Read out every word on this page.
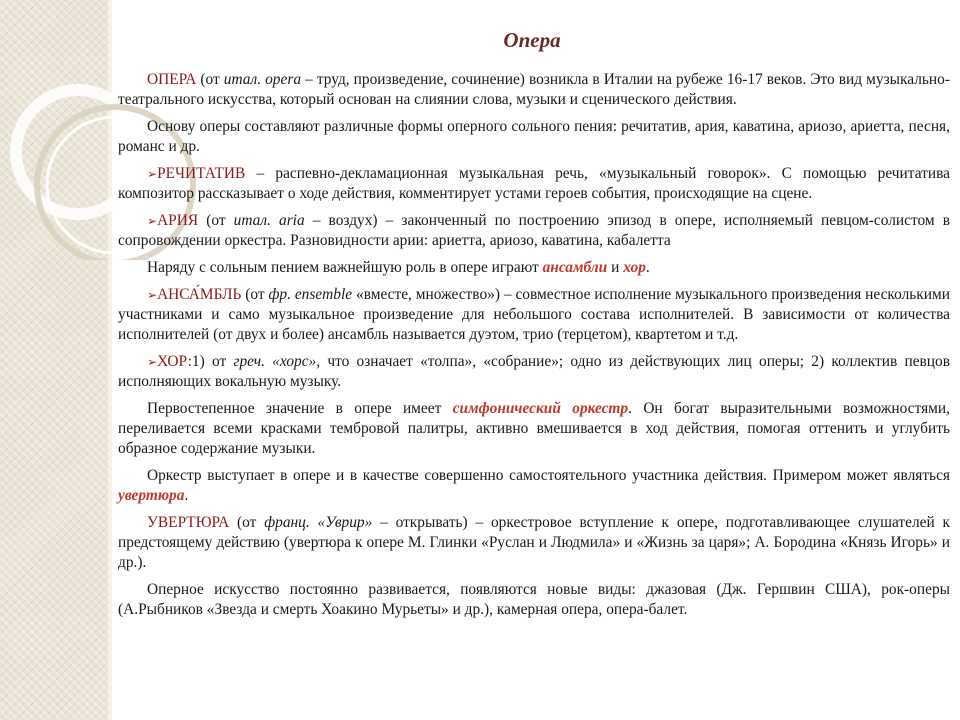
Опера

ОПЕРА (от итал. opera – труд, произведение, сочинение) возникла в Италии на рубеже 16-17 веков. Это вид музыкально-театрального искусства, который основан на слиянии слова, музыки и сценического действия.

Основу оперы составляют различные формы оперного сольного пения: речитатив, ария, каватина, ариозо, ариетта, песня, романс и др.

➢РЕЧИТАТИВ – распевно-декламационная музыкальная речь, «музыкальный говорок». С помощью речитатива композитор рассказывает о ходе действия, комментирует устами героев события, происходящие на сцене.

➢АРИЯ (от итал. aria – воздух) – законченный по построению эпизод в опере, исполняемый певцом-солистом в сопровождении оркестра. Разновидности арии: ариетта, ариозо, каватина, кабалетта

Наряду с сольным пением важнейшую роль в опере играют ансамбли и хор.

➢АНСА́МБЛЬ (от фр. ensemble «вместе, множество») – совместное исполнение музыкального произведения несколькими участниками и само музыкальное произведение для небольшого состава исполнителей. В зависимости от количества исполнителей (от двух и более) ансамбль называется дуэтом, трио (терцетом), квартетом и т.д.

➢ХОР:1) от греч. «хорс», что означает «толпа», «собрание»; одно из действующих лиц оперы; 2) коллектив певцов исполняющих вокальную музыку.

Первостепенное значение в опере имеет симфонический оркестр. Он богат выразительными возможностями, переливается всеми красками тембровой палитры, активно вмешивается в ход действия, помогая оттенить и углубить образное содержание музыки.

Оркестр выступает в опере и в качестве совершенно самостоятельного участника действия. Примером может являться увертюра.

УВЕРТЮРА (от франц. «Уврир» – открывать) – оркестровое вступление к опере, подготавливающее слушателей к предстоящему действию (увертюра к опере М. Глинки «Руслан и Людмила» и «Жизнь за царя»; А. Бородина «Князь Игорь» и др.).

Оперное искусство постоянно развивается, появляются новые виды: джазовая (Дж. Гершвин США), рок-оперы (А.Рыбников «Звезда и смерть Хоакино Мурьеты» и др.), камерная опера, опера-балет.
